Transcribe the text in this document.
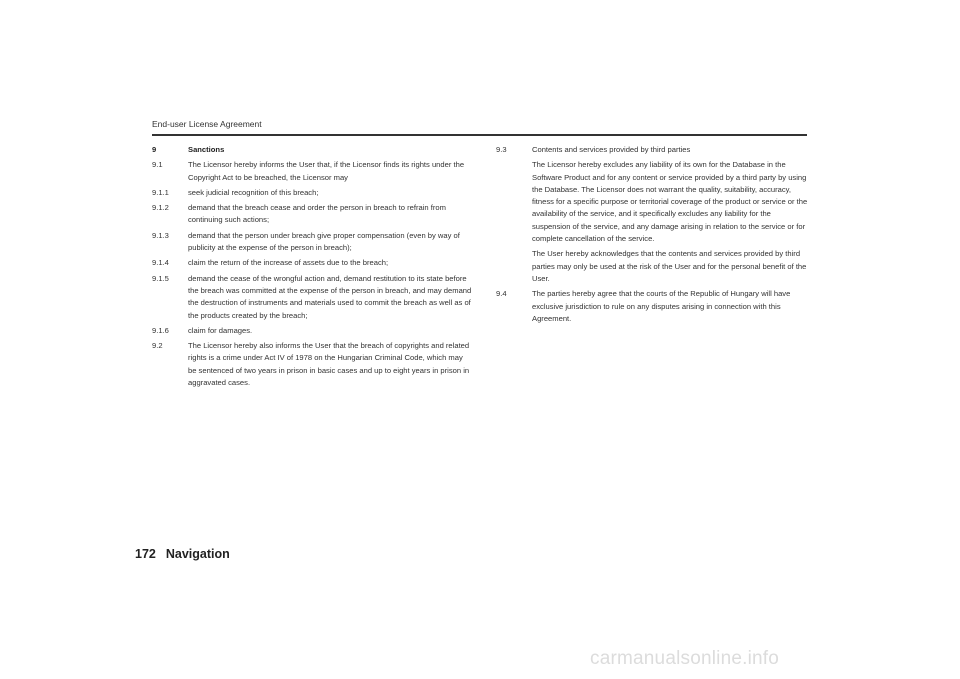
End-user License Agreement
9	Sanctions
9.1	The Licensor hereby informs the User that, if the Licensor finds its rights under the Copyright Act to be breached, the Licensor may
9.1.1	seek judicial recognition of this breach;
9.1.2	demand that the breach cease and order the person in breach to refrain from continuing such actions;
9.1.3	demand that the person under breach give proper compensation (even by way of publicity at the expense of the person in breach);
9.1.4	claim the return of the increase of assets due to the breach;
9.1.5	demand the cease of the wrongful action and, demand restitution to its state before the breach was committed at the expense of the person in breach, and may demand the destruction of instruments and materials used to commit the breach as well as of the products created by the breach;
9.1.6	claim for damages.
9.2	The Licensor hereby also informs the User that the breach of copyrights and related rights is a crime under Act IV of 1978 on the Hungarian Criminal Code, which may be sentenced of two years in prison in basic cases and up to eight years in prison in aggravated cases.
9.3	Contents and services provided by third parties
The Licensor hereby excludes any liability of its own for the Database in the Software Product and for any content or service provided by a third party by using the Database. The Licensor does not warrant the quality, suitability, accuracy, fitness for a specific purpose or territorial coverage of the product or service or the availability of the service, and it specifically excludes any liability for the suspension of the service, and any damage arising in relation to the service or for complete cancellation of the service.
The User hereby acknowledges that the contents and services provided by third parties may only be used at the risk of the User and for the personal benefit of the User.
9.4	The parties hereby agree that the courts of the Republic of Hungary will have exclusive jurisdiction to rule on any disputes arising in connection with this Agreement.
172 Navigation
carmanualsonline.info
